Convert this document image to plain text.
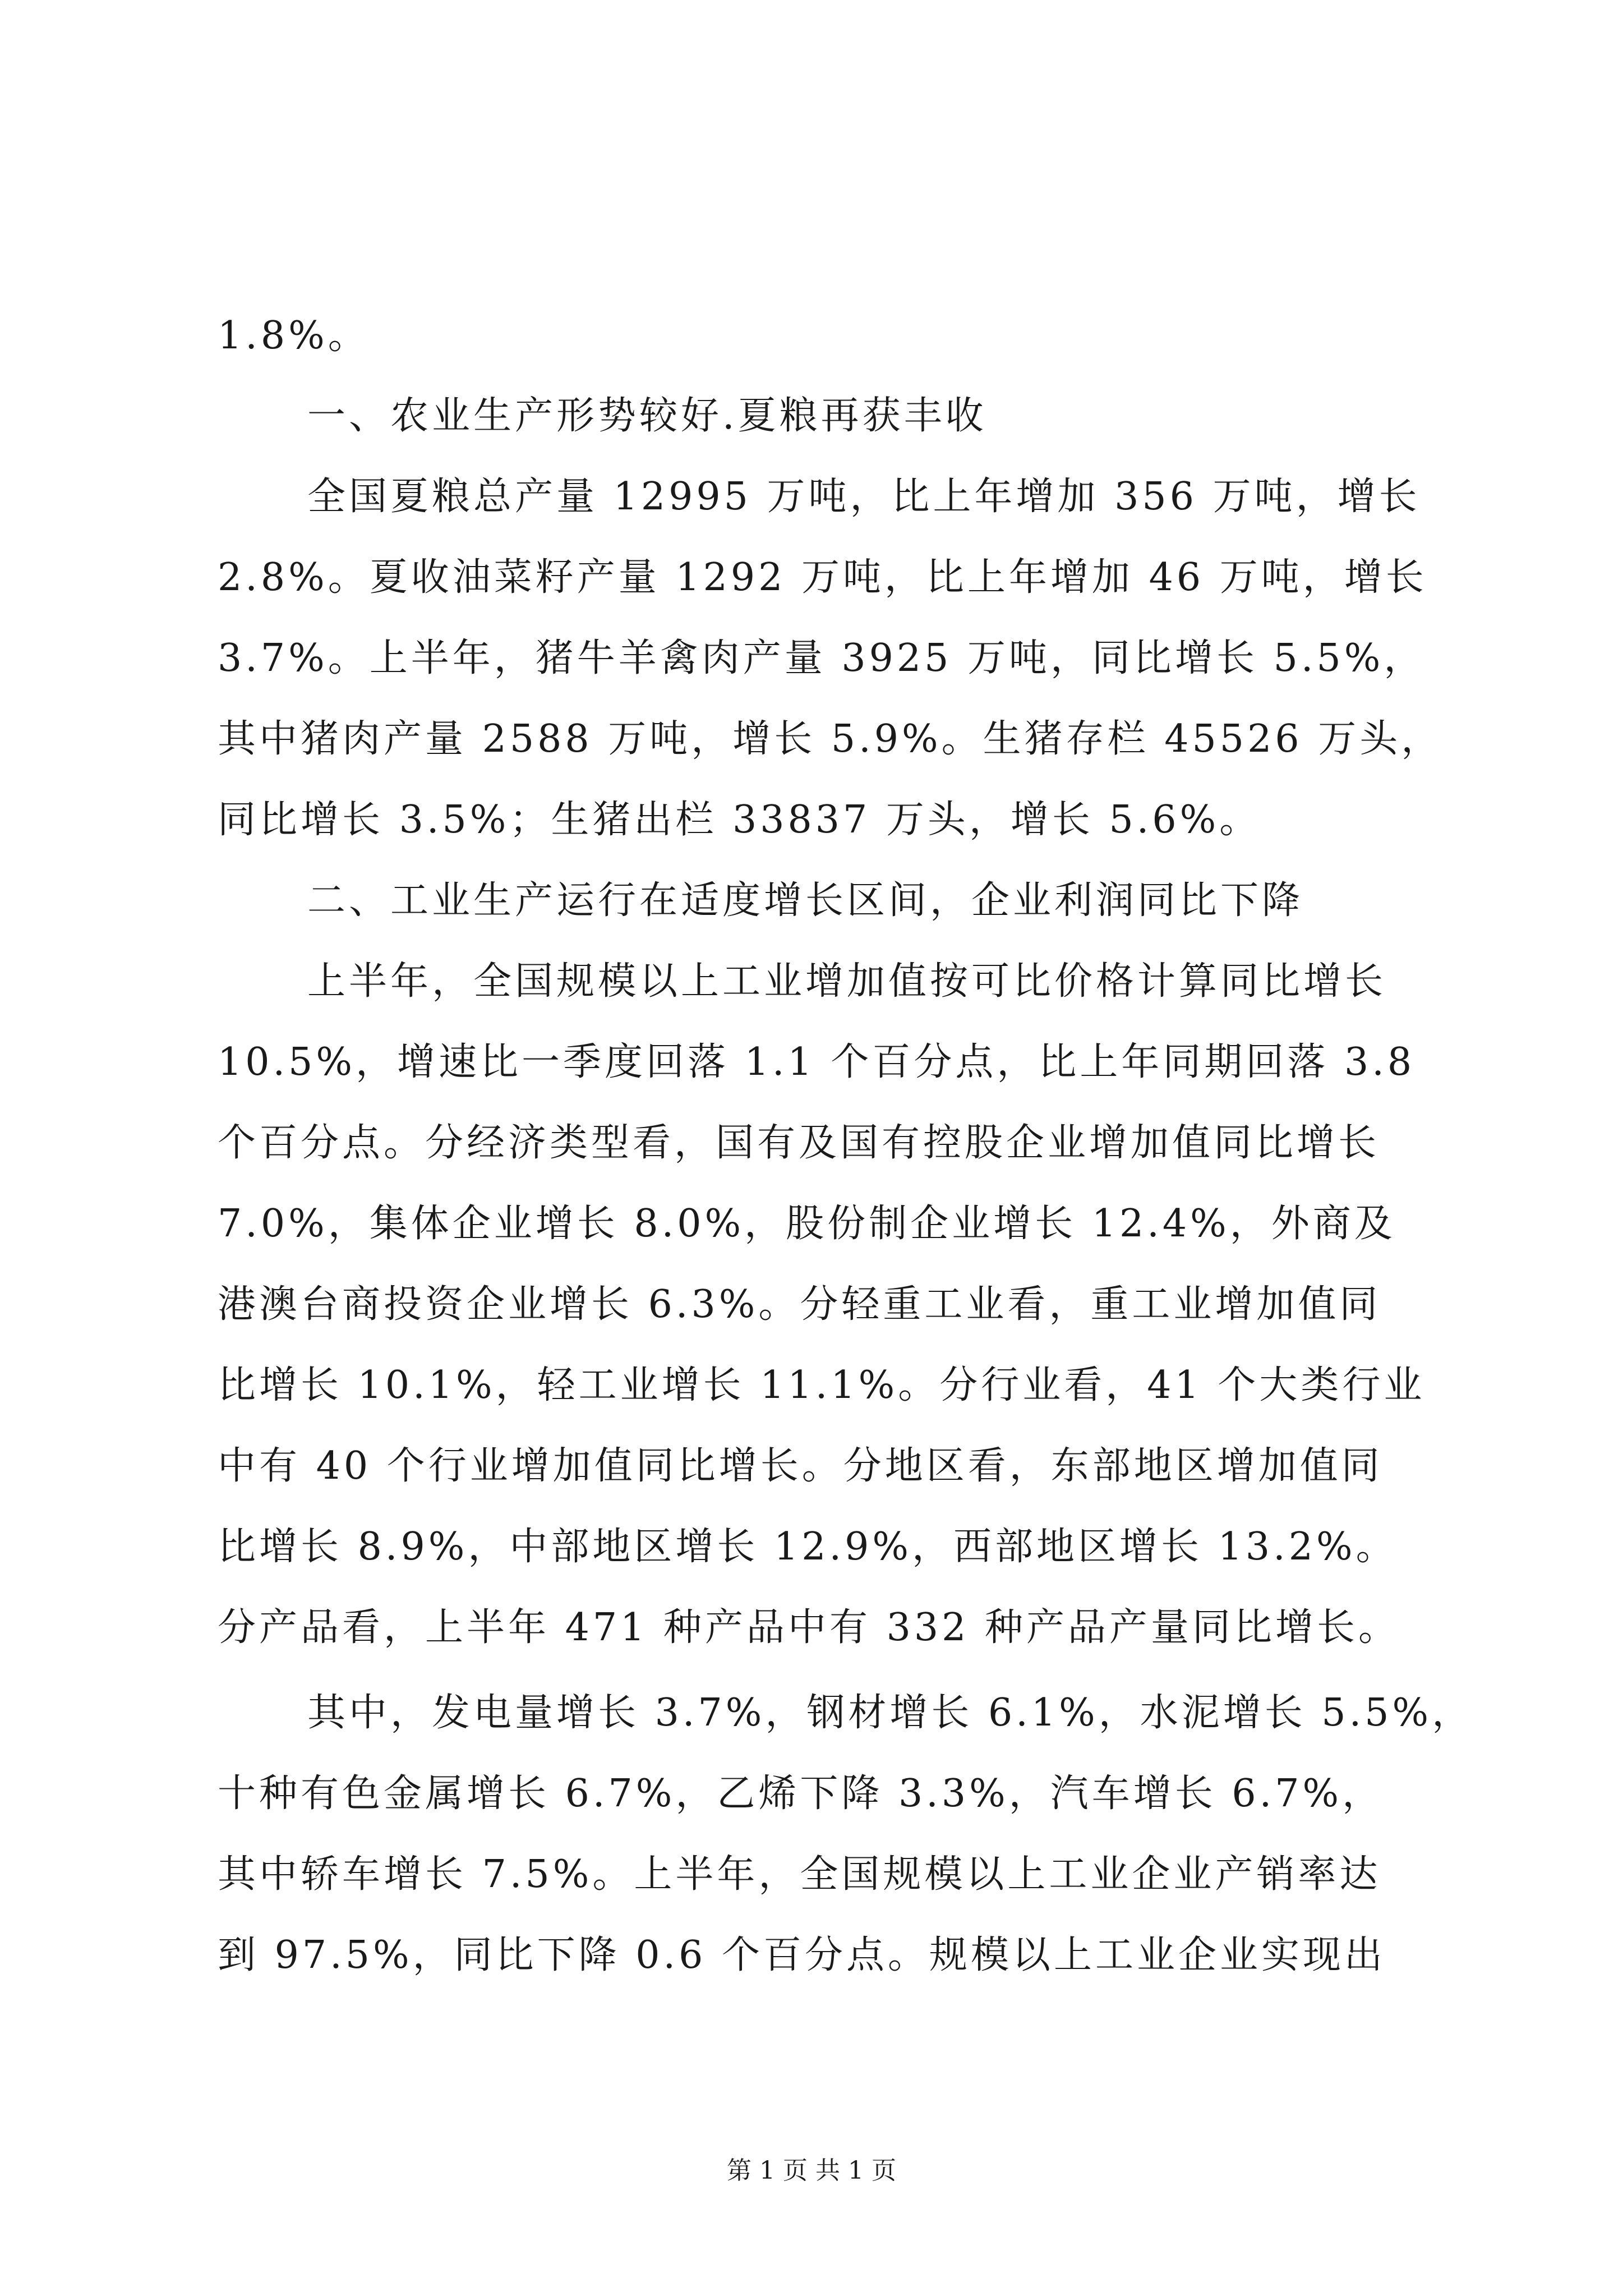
1.8%。
一、农业生产形势较好.夏粮再获丰收
全国夏粮总产量 12995 万吨，比上年增加 356 万吨，增长
2.8%。夏收油菜籽产量 1292 万吨，比上年增加 46 万吨，增长
3.7%。上半年，猪牛羊禽肉产量 3925 万吨，同比增长 5.5%，
其中猪肉产量 2588 万吨，增长 5.9%。生猪存栏 45526 万头，
同比增长 3.5%；生猪出栏 33837 万头，增长 5.6%。
二、工业生产运行在适度增长区间，企业利润同比下降
上半年，全国规模以上工业增加值按可比价格计算同比增长
10.5%，增速比一季度回落 1.1 个百分点，比上年同期回落 3.8
个百分点。分经济类型看，国有及国有控股企业增加值同比增长
7.0%，集体企业增长 8.0%，股份制企业增长 12.4%，外商及
港澳台商投资企业增长 6.3%。分轻重工业看，重工业增加值同
比增长 10.1%，轻工业增长 11.1%。分行业看，41 个大类行业
中有 40 个行业增加值同比增长。分地区看，东部地区增加值同
比增长 8.9%，中部地区增长 12.9%，西部地区增长 13.2%。
分产品看，上半年 471 种产品中有 332 种产品产量同比增长。
其中，发电量增长 3.7%，钢材增长 6.1%，水泥增长 5.5%，
十种有色金属增长 6.7%，乙烯下降 3.3%，汽车增长 6.7%，
其中轿车增长 7.5%。上半年，全国规模以上工业企业产销率达
到 97.5%，同比下降 0.6 个百分点。规模以上工业企业实现出
第 1 页 共 1 页
